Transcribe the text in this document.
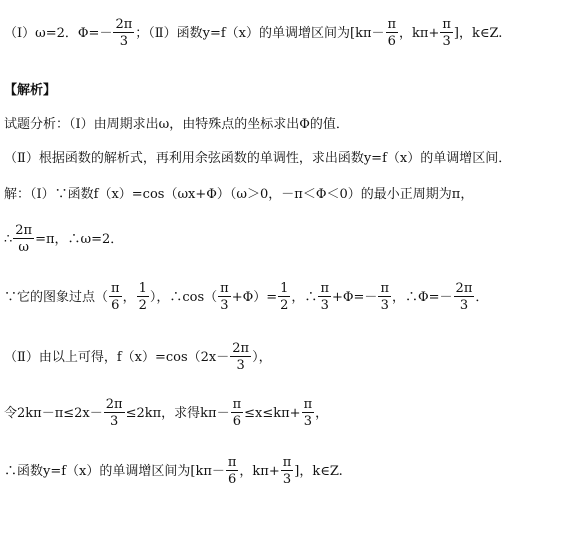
（Ⅰ）ω=2．$\Phi=- \frac{2\pi}{3}$ ；（Ⅱ）函数y=f（x）的单调增区间为[$k\pi- \frac{\pi}{6}$ ，$k\pi+ \frac{\pi}{3}$ ]，k∈Z.
【解析】
试题分析：（Ⅰ）由周期求出ω，由特殊点的坐标求出Φ的值．
（Ⅱ）根据函数的解析式，再利用余弦函数的单调性，求出函数y=f（x）的单调增区间．
解：（Ⅰ）∵函数f（x）=cos（ωx+Φ）（ω＞0，－π＜Φ＜0）的最小正周期为π，
∴ $\frac{2\pi}{\omega} =\pi$，∴ω=2．
∵它的图象过点（ $\frac{\pi}{6}$ ， $\frac{1}{2}$ ），∴cos（ $\frac{\pi}{3} +\Phi)= \frac{1}{2}$ ，∴ $\frac{\pi}{3} +\Phi=- \frac{\pi}{3}$ ，∴Φ=－ $\frac{2\pi}{3}$ ．
（Ⅱ）由以上可得，$f(x)=\cos(2x- \frac{2\pi}{3}$ ），
令$2k\pi-\pi\le 2x- \frac{2\pi}{3} \le 2k\pi$，求得$k\pi- \frac{\pi}{6} \le x\le k\pi+ \frac{\pi}{3}$ ，
∴函数y=f（x）的单调增区间为[$k\pi- \frac{\pi}{6}$ ，$k\pi+ \frac{\pi}{3}$ ]，k∈Z.
